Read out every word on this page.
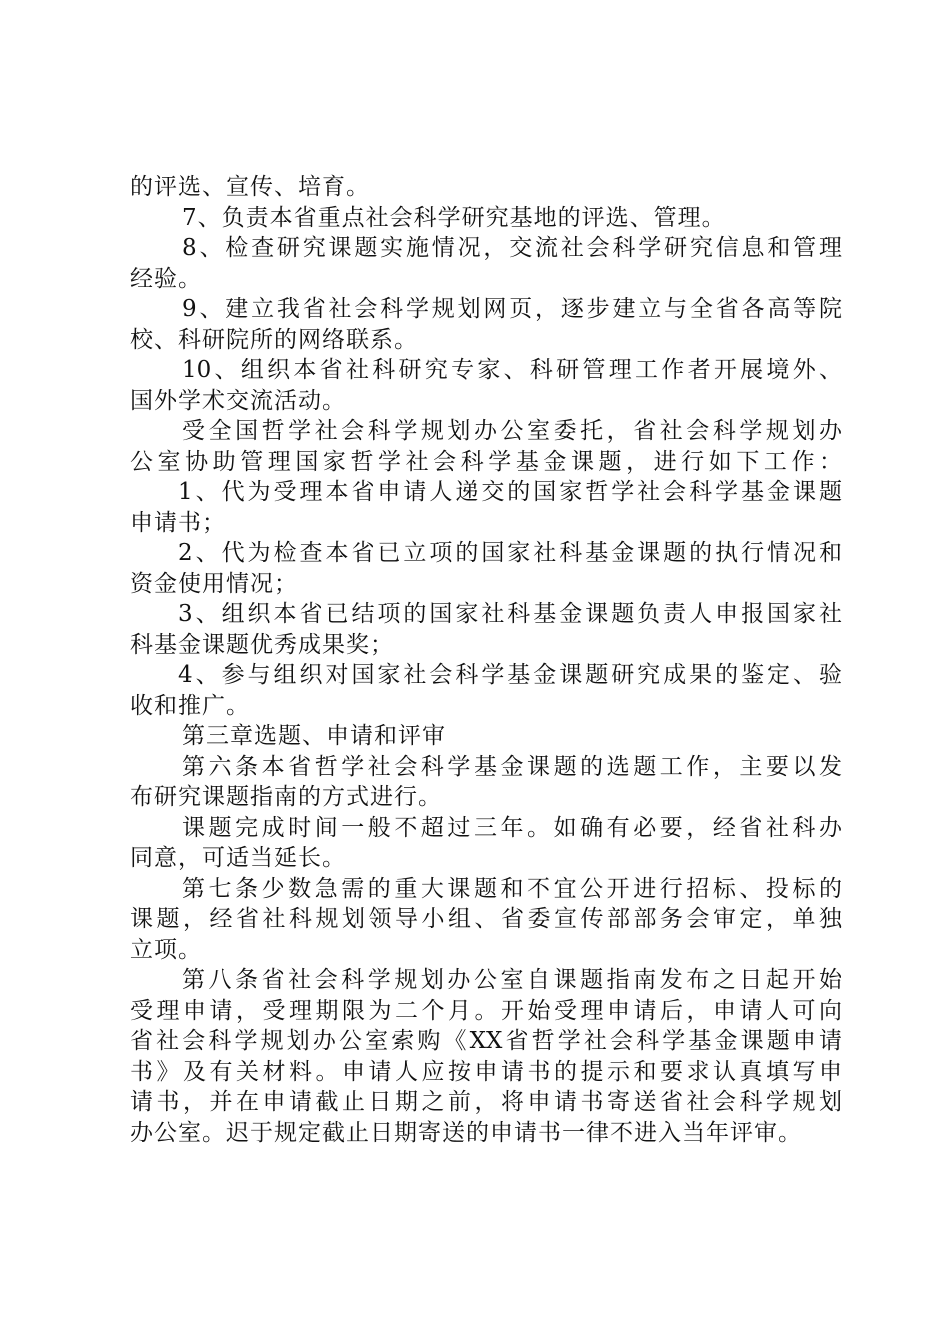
的评选、宣传、培育。
7、负责本省重点社会科学研究基地的评选、管理。
8、检查研究课题实施情况，交流社会科学研究信息和管理
经验。
9、建立我省社会科学规划网页，逐步建立与全省各高等院
校、科研院所的网络联系。
10、组织本省社科研究专家、科研管理工作者开展境外、
国外学术交流活动。
受全国哲学社会科学规划办公室委托，省社会科学规划办
公室协助管理国家哲学社会科学基金课题，进行如下工作：
1、代为受理本省申请人递交的国家哲学社会科学基金课题
申请书；
2、代为检查本省已立项的国家社科基金课题的执行情况和
资金使用情况；
3、组织本省已结项的国家社科基金课题负责人申报国家社
科基金课题优秀成果奖；
4、参与组织对国家社会科学基金课题研究成果的鉴定、验
收和推广。
第三章选题、申请和评审
第六条本省哲学社会科学基金课题的选题工作，主要以发
布研究课题指南的方式进行。
课题完成时间一般不超过三年。如确有必要，经省社科办
同意，可适当延长。
第七条少数急需的重大课题和不宜公开进行招标、投标的
课题，经省社科规划领导小组、省委宣传部部务会审定，单独
立项。
第八条省社会科学规划办公室自课题指南发布之日起开始
受理申请，受理期限为二个月。开始受理申请后，申请人可向
省社会科学规划办公室索购《XX省哲学社会科学基金课题申请
书》及有关材料。申请人应按申请书的提示和要求认真填写申
请书，并在申请截止日期之前，将申请书寄送省社会科学规划
办公室。迟于规定截止日期寄送的申请书一律不进入当年评审。
